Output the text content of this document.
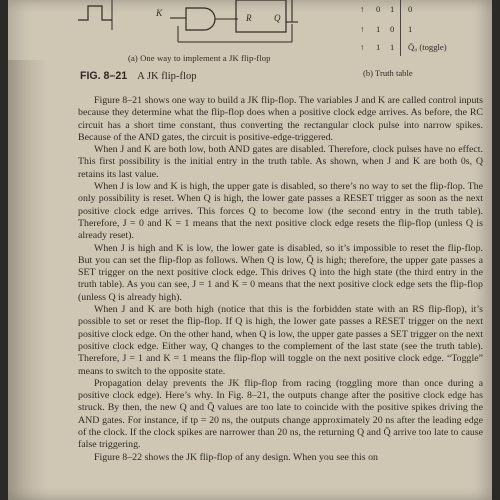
K	R	Q
(a) One way to implement a JK flip-flop
↑ 0 1 0
↑ 1 0 1
↑ 1 1 Q̄₀ (toggle)
(b) Truth table
FIG. 8–21 A JK flip-flop

Figure 8–21 shows one way to build a JK flip-flop. The variables J and K are called control inputs because they determine what the flip-flop does when a positive clock edge arrives. As before, the RC circuit has a short time constant, thus converting the rectangular clock pulse into narrow spikes. Because of the AND gates, the circuit is positive-edge-triggered.

When J and K are both low, both AND gates are disabled. Therefore, clock pulses have no effect. This first possibility is the initial entry in the truth table. As shown, when J and K are both 0s, Q retains its last value.

When J is low and K is high, the upper gate is disabled, so there’s no way to set the flip-flop. The only possibility is reset. When Q is high, the lower gate passes a RESET trigger as soon as the next positive clock edge arrives. This forces Q to become low (the second entry in the truth table). Therefore, J = 0 and K = 1 means that the next positive clock edge resets the flip-flop (unless Q is already reset).

When J is high and K is low, the lower gate is disabled, so it’s impossible to reset the flip-flop. But you can set the flip-flop as follows. When Q is low, Q̄ is high; therefore, the upper gate passes a SET trigger on the next positive clock edge. This drives Q into the high state (the third entry in the truth table). As you can see, J = 1 and K = 0 means that the next positive clock edge sets the flip-flop (unless Q is already high).

When J and K are both high (notice that this is the forbidden state with an RS flip-flop), it’s possible to set or reset the flip-flop. If Q is high, the lower gate passes a RESET trigger on the next positive clock edge. On the other hand, when Q is low, the upper gate passes a SET trigger on the next positive clock edge. Either way, Q changes to the complement of the last state (see the truth table). Therefore, J = 1 and K = 1 means the flip-flop will toggle on the next positive clock edge. “Toggle” means to switch to the opposite state.

Propagation delay prevents the JK flip-flop from racing (toggling more than once during a positive clock edge). Here’s why. In Fig. 8–21, the outputs change after the positive clock edge has struck. By then, the new Q and Q̄ values are too late to coincide with the positive spikes driving the AND gates. For instance, if tp = 20 ns, the outputs change approximately 20 ns after the leading edge of the clock. If the clock spikes are narrower than 20 ns, the returning Q and Q̄ arrive too late to cause false triggering.

Figure 8–22 shows the JK flip-flop of any design. When you see this on
